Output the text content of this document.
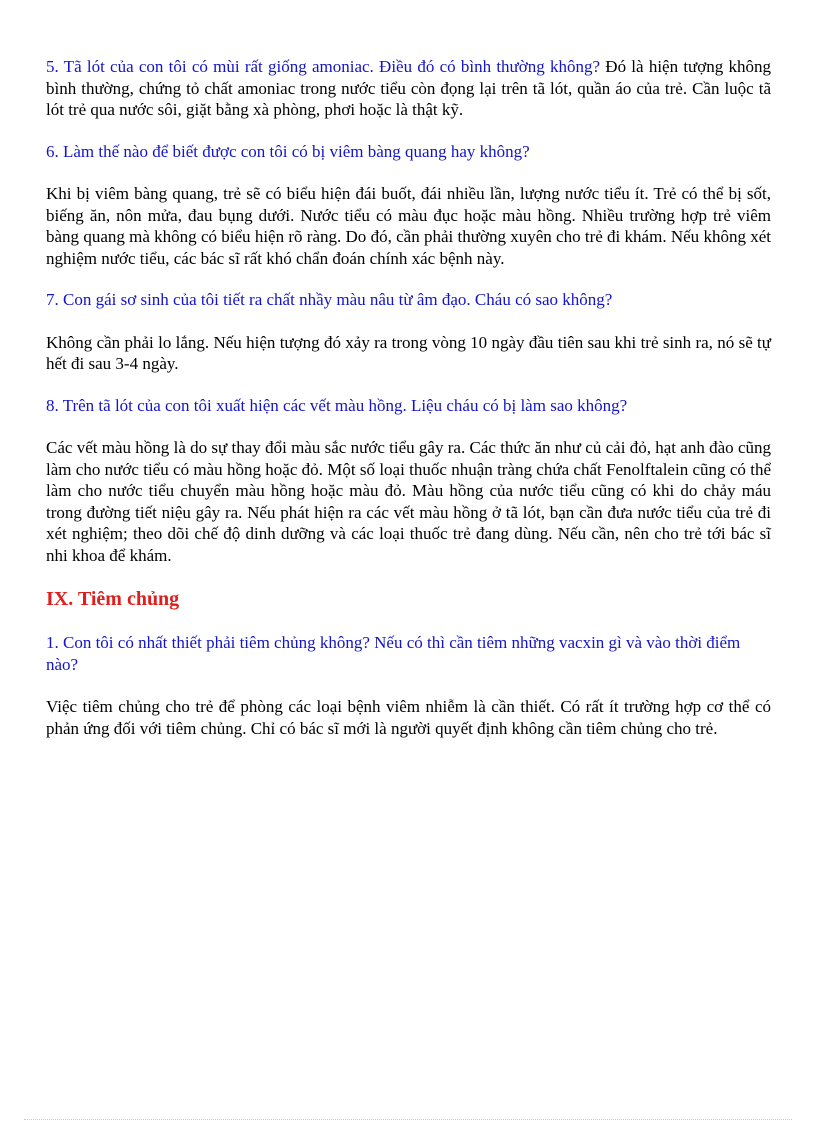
5. Tã lót của con tôi có mùi rất giống amoniac. Điều đó có bình thường không? Đó là hiện tượng không bình thường, chứng tỏ chất amoniac trong nước tiểu còn đọng lại trên tã lót, quần áo của trẻ. Cần luộc tã lót trẻ qua nước sôi, giặt bằng xà phòng, phơi hoặc là thật kỹ.

6. Làm thế nào để biết được con tôi có bị viêm bàng quang hay không?

Khi bị viêm bàng quang, trẻ sẽ có biểu hiện đái buốt, đái nhiều lần, lượng nước tiểu ít. Trẻ có thể bị sốt, biếng ăn, nôn mửa, đau bụng dưới. Nước tiểu có màu đục hoặc màu hồng. Nhiều trường hợp trẻ viêm bàng quang mà không có biểu hiện rõ ràng. Do đó, cần phải thường xuyên cho trẻ đi khám. Nếu không xét nghiệm nước tiểu, các bác sĩ rất khó chẩn đoán chính xác bệnh này.

7. Con gái sơ sinh của tôi tiết ra chất nhầy màu nâu từ âm đạo. Cháu có sao không?

Không cần phải lo lắng. Nếu hiện tượng đó xảy ra trong vòng 10 ngày đầu tiên sau khi trẻ sinh ra, nó sẽ tự hết đi sau 3-4 ngày.

8. Trên tã lót của con tôi xuất hiện các vết màu hồng. Liệu cháu có bị làm sao không?

Các vết màu hồng là do sự thay đổi màu sắc nước tiểu gây ra. Các thức ăn như củ cải đỏ, hạt anh đào cũng làm cho nước tiểu có màu hồng hoặc đỏ. Một số loại thuốc nhuận tràng chứa chất Fenolftalein cũng có thể làm cho nước tiểu chuyển màu hồng hoặc màu đỏ. Màu hồng của nước tiểu cũng có khi do chảy máu trong đường tiết niệu gây ra. Nếu phát hiện ra các vết màu hồng ở tã lót, bạn cần đưa nước tiểu của trẻ đi xét nghiệm; theo dõi chế độ dinh dưỡng và các loại thuốc trẻ đang dùng. Nếu cần, nên cho trẻ tới bác sĩ nhi khoa để khám.

IX. Tiêm chủng

1. Con tôi có nhất thiết phải tiêm chủng không? Nếu có thì cần tiêm những vacxin gì và vào thời điểm nào?

Việc tiêm chủng cho trẻ để phòng các loại bệnh viêm nhiễm là cần thiết. Có rất ít trường hợp cơ thể có phản ứng đối với tiêm chủng. Chỉ có bác sĩ mới là người quyết định không cần tiêm chủng cho trẻ.
